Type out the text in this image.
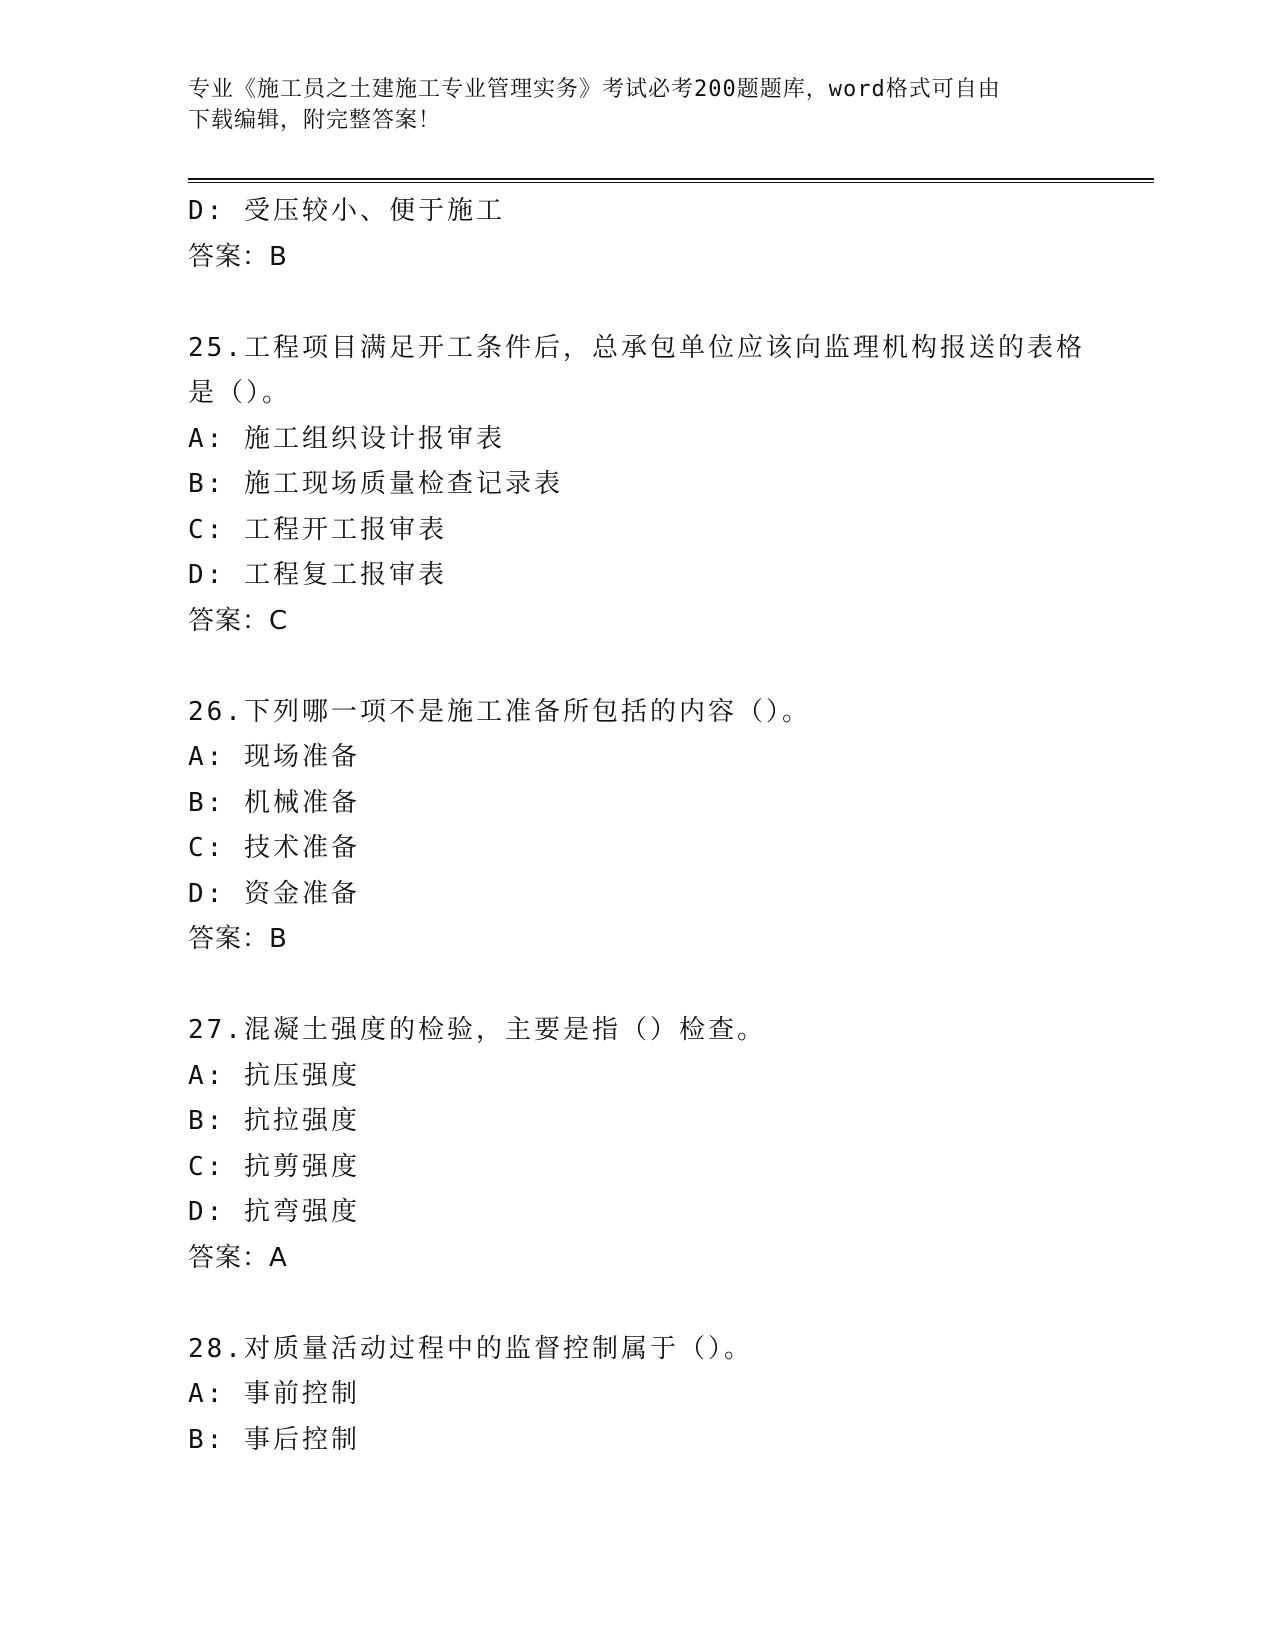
专业《施工员之土建施工专业管理实务》考试必考200题题库，word格式可自由
下载编辑，附完整答案！
D: 受压较小、便于施工
答案：B
25.工程项目满足开工条件后，总承包单位应该向监理机构报送的表格
是（）。
A: 施工组织设计报审表
B: 施工现场质量检查记录表
C: 工程开工报审表
D: 工程复工报审表
答案：C
26.下列哪一项不是施工准备所包括的内容（）。
A: 现场准备
B: 机械准备
C: 技术准备
D: 资金准备
答案：B
27.混凝土强度的检验，主要是指（）检查。
A: 抗压强度
B: 抗拉强度
C: 抗剪强度
D: 抗弯强度
答案：A
28.对质量活动过程中的监督控制属于（）。
A: 事前控制
B: 事后控制
